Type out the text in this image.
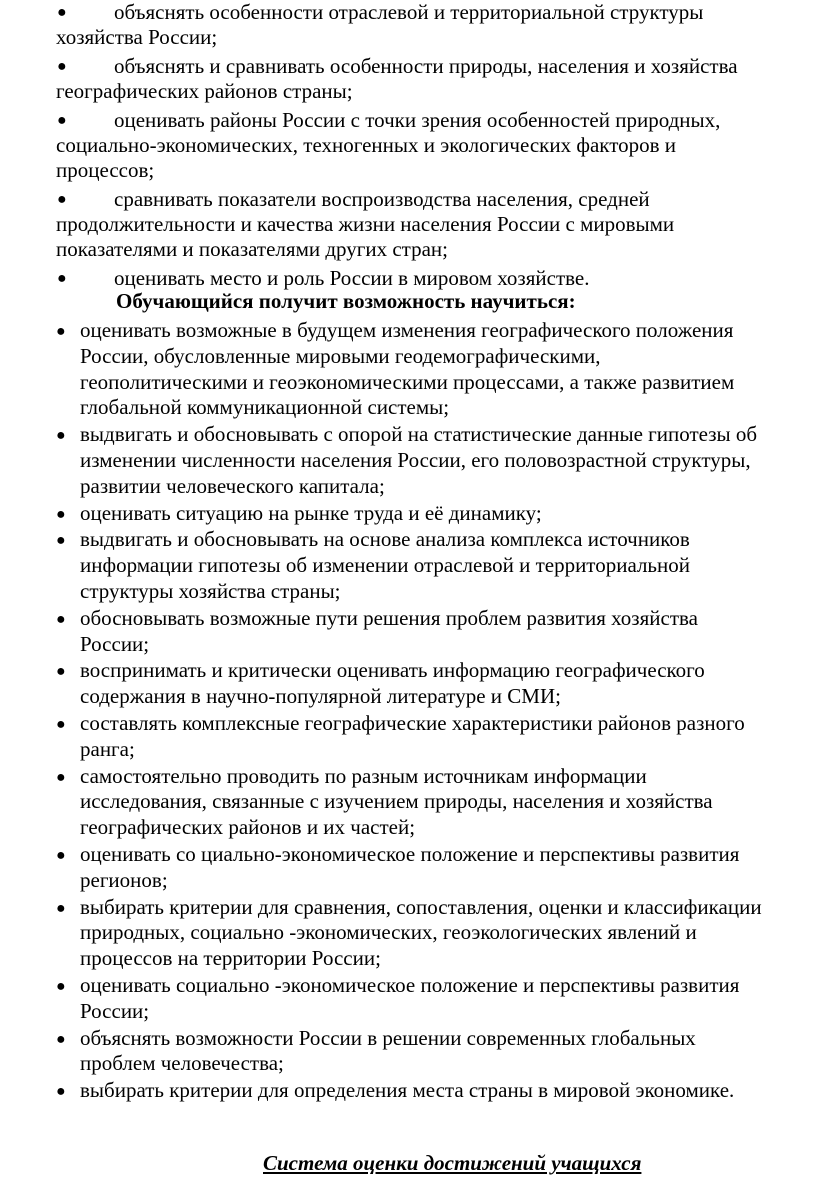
● объяснять особенности отраслевой и территориальной структуры
хозяйства России;
● объяснять и сравнивать особенности природы, населения и хозяйства
географических районов страны;
● оценивать районы России с точки зрения особенностей природных,
социально-экономических, техногенных и экологических факторов и
процессов;
● сравнивать показатели воспроизводства населения, средней
продолжительности и качества жизни населения России с мировыми
показателями и показателями других стран;
● оценивать место и роль России в мировом хозяйстве.
Обучающийся получит возможность научиться:
● оценивать возможные в будущем изменения географического положения
России, обусловленные мировыми геодемографическими,
геополитическими и геоэкономическими процессами, а также развитием
глобальной коммуникационной системы;
● выдвигать и обосновывать с опорой на статистические данные гипотезы об
изменении численности населения России, его половозрастной структуры,
развитии человеческого капитала;
● оценивать ситуацию на рынке труда и её динамику;
● выдвигать и обосновывать на основе анализа комплекса источников
информации гипотезы об изменении отраслевой и территориальной
структуры хозяйства страны;
● обосновывать возможные пути решения проблем развития хозяйства
России;
● воспринимать и критически оценивать информацию географического
содержания в научно-популярной литературе и СМИ;
● составлять комплексные географические характеристики районов разного
ранга;
● самостоятельно проводить по разным источникам информации
исследования, связанные с изучением природы, населения и хозяйства
географических районов и их частей;
● оценивать со циально-экономическое положение и перспективы развития
регионов;
● выбирать критерии для сравнения, сопоставления, оценки и классификации
природных, социально -экономических, геоэкологических явлений и
процессов на территории России;
● оценивать социально -экономическое положение и перспективы развития
России;
● объяснять возможности России в решении современных глобальных
проблем человечества;
● выбирать критерии для определения места страны в мировой экономике.
Система оценки достижений учащихся
